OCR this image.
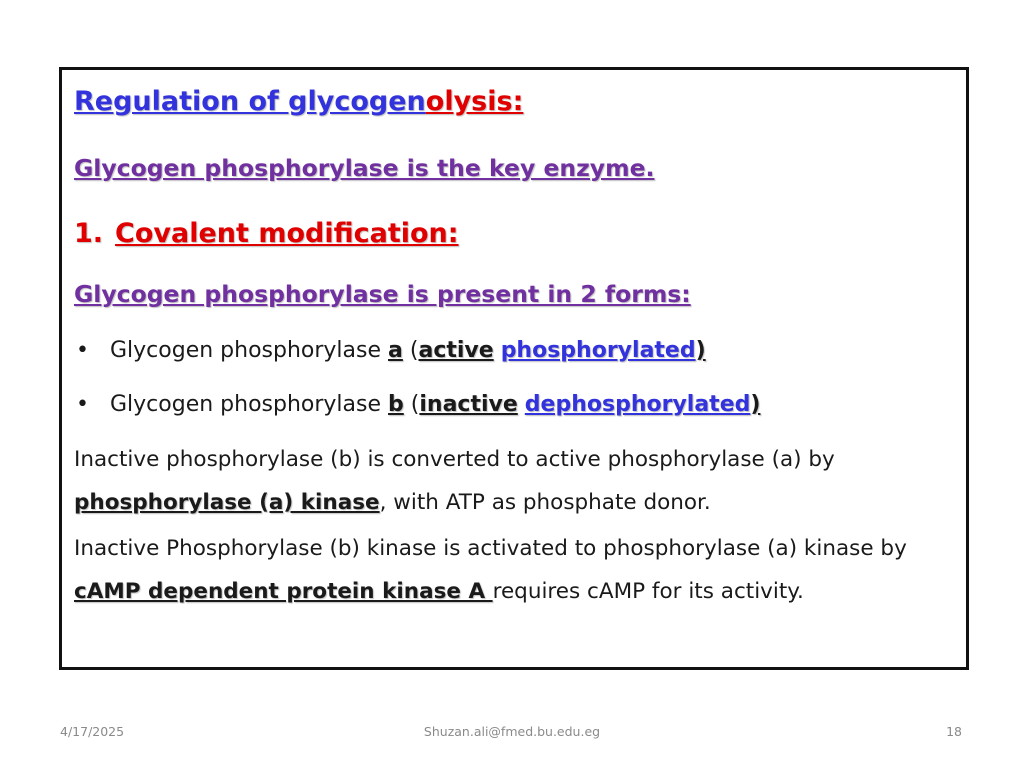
Regulation of glycogenolysis:
Glycogen phosphorylase is the key enzyme.
1. Covalent modification:
Glycogen phosphorylase is present in 2 forms:
• Glycogen phosphorylase a (active phosphorylated)
• Glycogen phosphorylase b (inactive dephosphorylated)
Inactive phosphorylase (b) is converted to active phosphorylase (a) by phosphorylase (a) kinase, with ATP as phosphate donor.
Inactive Phosphorylase (b) kinase is activated to phosphorylase (a) kinase by cAMP dependent protein kinase A requires cAMP for its activity.
4/17/2025	Shuzan.ali@fmed.bu.edu.eg	18
